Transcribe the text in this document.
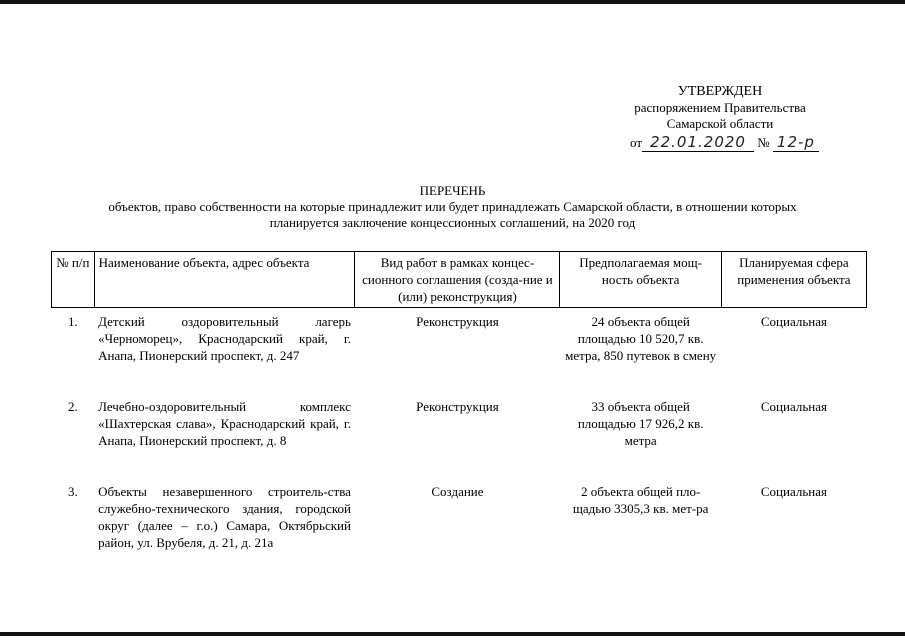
УТВЕРЖДЕН
распоряжением Правительства
Самарской области
от 22.01.2020 № 12-р
ПЕРЕЧЕНЬ
объектов, право собственности на которые принадлежит или будет принадлежать Самарской области, в отношении которых планируется заключение концессионных соглашений, на 2020 год
№ п/п	Наименование объекта, адрес объекта	Вид работ в рамках концес-сионного соглашения (созда-ние и (или) реконструкция)	Предполагаемая мощ-ность объекта	Планируемая сфера применения объекта
1.	Детский оздоровительный лагерь «Черноморец», Краснодарский край, г. Анапа, Пионерский проспект, д. 247	Реконструкция	24 объекта общей площадью 10 520,7 кв. метра, 850 путевок в смену	Социальная
2.	Лечебно-оздоровительный комплекс «Шахтерская слава», Краснодарский край, г. Анапа, Пионерский проспект, д. 8	Реконструкция	33 объекта общей площадью 17 926,2 кв. метра	Социальная
3.	Объекты незавершенного строитель-ства служебно-технического здания, городской округ (далее – г.о.) Самара, Октябрьский район, ул. Врубеля, д. 21, д. 21а	Создание	2 объекта общей пло-щадью 3305,3 кв. мет-ра	Социальная
